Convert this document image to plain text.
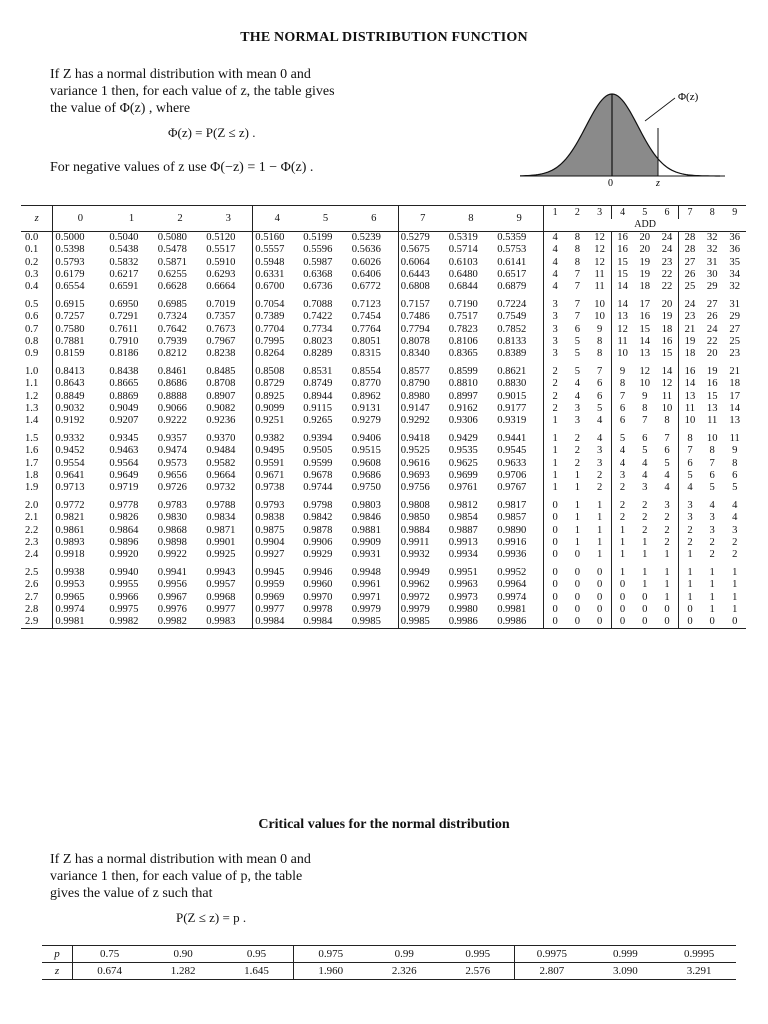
THE NORMAL DISTRIBUTION FUNCTION
If Z has a normal distribution with mean 0 and
variance 1 then, for each value of z, the table gives
the value of Φ(z) , where
Φ(z) = P(Z ≤ z) .
For negative values of z use Φ(−z) = 1 − Φ(z) .
Φ(z)
0	z
z	0	1	2	3	4	5	6	7	8	9	1	2	3	4	5	6	7	8	9
											ADD								
0.0	0.5000	0.5040	0.5080	0.5120	0.5160	0.5199	0.5239	0.5279	0.5319	0.5359	4	8	12	16	20	24	28	32	36
0.1	0.5398	0.5438	0.5478	0.5517	0.5557	0.5596	0.5636	0.5675	0.5714	0.5753	4	8	12	16	20	24	28	32	36
0.2	0.5793	0.5832	0.5871	0.5910	0.5948	0.5987	0.6026	0.6064	0.6103	0.6141	4	8	12	15	19	23	27	31	35
0.3	0.6179	0.6217	0.6255	0.6293	0.6331	0.6368	0.6406	0.6443	0.6480	0.6517	4	7	11	15	19	22	26	30	34
0.4	0.6554	0.6591	0.6628	0.6664	0.6700	0.6736	0.6772	0.6808	0.6844	0.6879	4	7	11	14	18	22	25	29	32
0.5	0.6915	0.6950	0.6985	0.7019	0.7054	0.7088	0.7123	0.7157	0.7190	0.7224	3	7	10	14	17	20	24	27	31
0.6	0.7257	0.7291	0.7324	0.7357	0.7389	0.7422	0.7454	0.7486	0.7517	0.7549	3	7	10	13	16	19	23	26	29
0.7	0.7580	0.7611	0.7642	0.7673	0.7704	0.7734	0.7764	0.7794	0.7823	0.7852	3	6	9	12	15	18	21	24	27
0.8	0.7881	0.7910	0.7939	0.7967	0.7995	0.8023	0.8051	0.8078	0.8106	0.8133	3	5	8	11	14	16	19	22	25
0.9	0.8159	0.8186	0.8212	0.8238	0.8264	0.8289	0.8315	0.8340	0.8365	0.8389	3	5	8	10	13	15	18	20	23
1.0	0.8413	0.8438	0.8461	0.8485	0.8508	0.8531	0.8554	0.8577	0.8599	0.8621	2	5	7	9	12	14	16	19	21
1.1	0.8643	0.8665	0.8686	0.8708	0.8729	0.8749	0.8770	0.8790	0.8810	0.8830	2	4	6	8	10	12	14	16	18
1.2	0.8849	0.8869	0.8888	0.8907	0.8925	0.8944	0.8962	0.8980	0.8997	0.9015	2	4	6	7	9	11	13	15	17
1.3	0.9032	0.9049	0.9066	0.9082	0.9099	0.9115	0.9131	0.9147	0.9162	0.9177	2	3	5	6	8	10	11	13	14
1.4	0.9192	0.9207	0.9222	0.9236	0.9251	0.9265	0.9279	0.9292	0.9306	0.9319	1	3	4	6	7	8	10	11	13
1.5	0.9332	0.9345	0.9357	0.9370	0.9382	0.9394	0.9406	0.9418	0.9429	0.9441	1	2	4	5	6	7	8	10	11
1.6	0.9452	0.9463	0.9474	0.9484	0.9495	0.9505	0.9515	0.9525	0.9535	0.9545	1	2	3	4	5	6	7	8	9
1.7	0.9554	0.9564	0.9573	0.9582	0.9591	0.9599	0.9608	0.9616	0.9625	0.9633	1	2	3	4	4	5	6	7	8
1.8	0.9641	0.9649	0.9656	0.9664	0.9671	0.9678	0.9686	0.9693	0.9699	0.9706	1	1	2	3	4	4	5	6	6
1.9	0.9713	0.9719	0.9726	0.9732	0.9738	0.9744	0.9750	0.9756	0.9761	0.9767	1	1	2	2	3	4	4	5	5
2.0	0.9772	0.9778	0.9783	0.9788	0.9793	0.9798	0.9803	0.9808	0.9812	0.9817	0	1	1	2	2	3	3	4	4
2.1	0.9821	0.9826	0.9830	0.9834	0.9838	0.9842	0.9846	0.9850	0.9854	0.9857	0	1	1	2	2	2	3	3	4
2.2	0.9861	0.9864	0.9868	0.9871	0.9875	0.9878	0.9881	0.9884	0.9887	0.9890	0	1	1	1	2	2	2	3	3
2.3	0.9893	0.9896	0.9898	0.9901	0.9904	0.9906	0.9909	0.9911	0.9913	0.9916	0	1	1	1	1	2	2	2	2
2.4	0.9918	0.9920	0.9922	0.9925	0.9927	0.9929	0.9931	0.9932	0.9934	0.9936	0	0	1	1	1	1	1	2	2
2.5	0.9938	0.9940	0.9941	0.9943	0.9945	0.9946	0.9948	0.9949	0.9951	0.9952	0	0	0	1	1	1	1	1	1
2.6	0.9953	0.9955	0.9956	0.9957	0.9959	0.9960	0.9961	0.9962	0.9963	0.9964	0	0	0	0	1	1	1	1	1
2.7	0.9965	0.9966	0.9967	0.9968	0.9969	0.9970	0.9971	0.9972	0.9973	0.9974	0	0	0	0	0	1	1	1	1
2.8	0.9974	0.9975	0.9976	0.9977	0.9977	0.9978	0.9979	0.9979	0.9980	0.9981	0	0	0	0	0	0	0	1	1
2.9	0.9981	0.9982	0.9982	0.9983	0.9984	0.9984	0.9985	0.9985	0.9986	0.9986	0	0	0	0	0	0	0	0	0
Critical values for the normal distribution
If Z has a normal distribution with mean 0 and
variance 1 then, for each value of p, the table
gives the value of z such that
P(Z ≤ z) = p .
p	0.75	0.90	0.95	0.975	0.99	0.995	0.9975	0.999	0.9995
z	0.674	1.282	1.645	1.960	2.326	2.576	2.807	3.090	3.291
